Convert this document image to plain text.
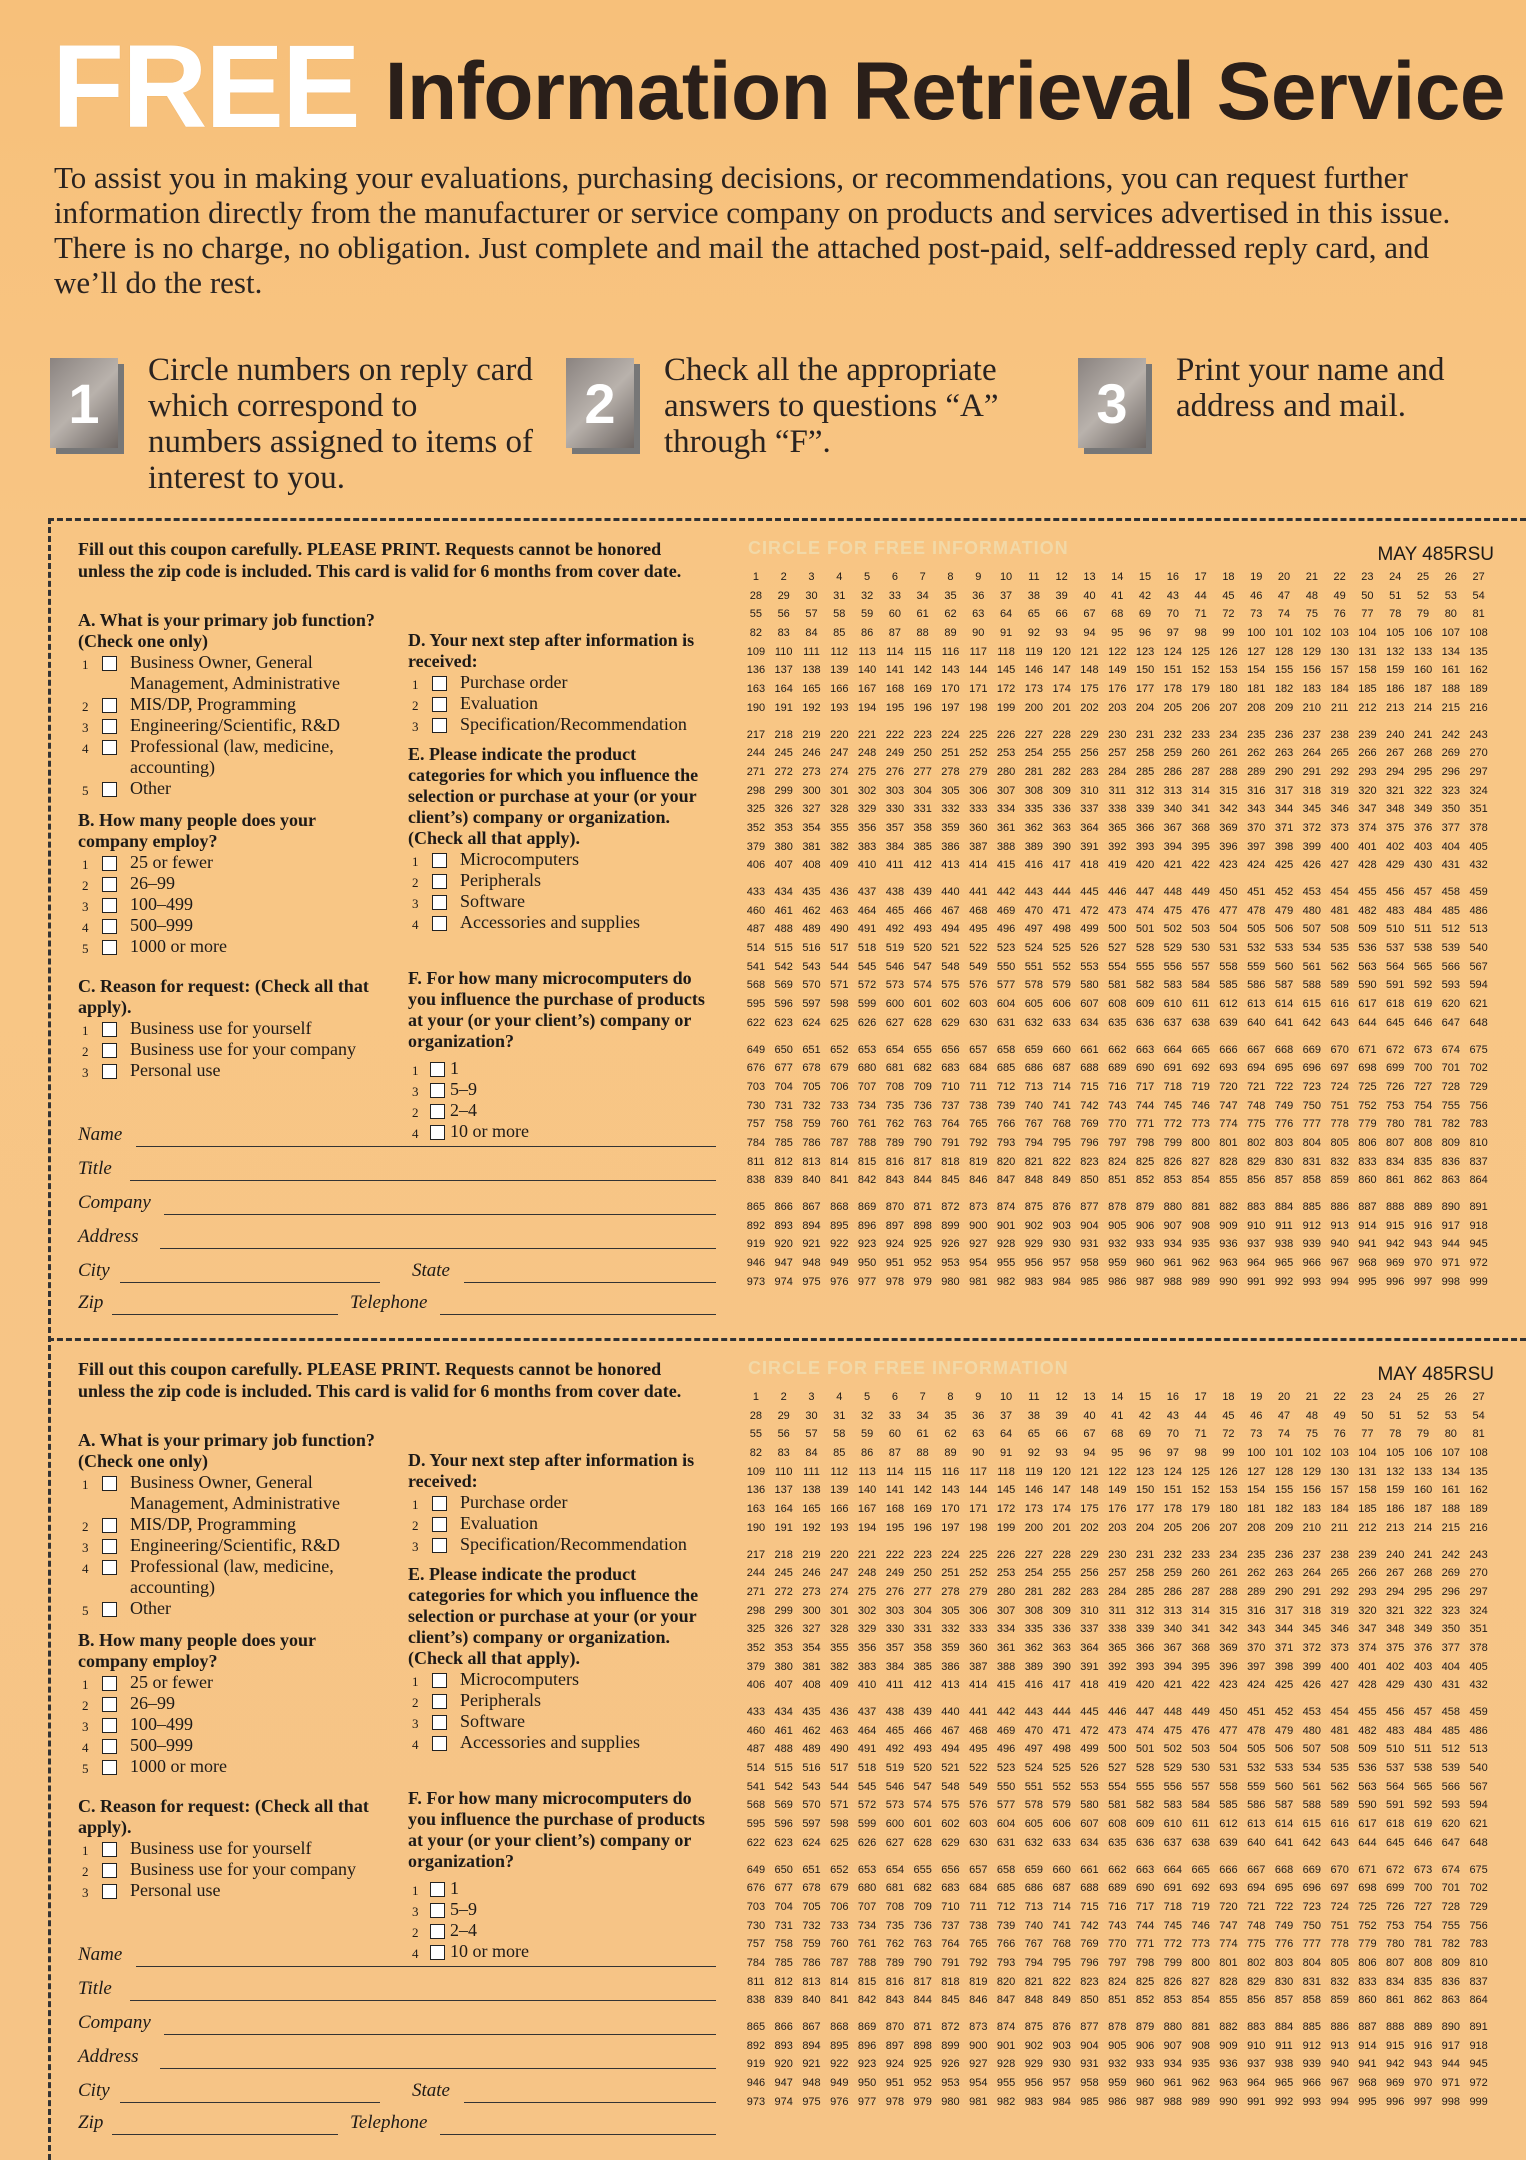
FREE Information Retrieval Service
To assist you in making your evaluations, purchasing decisions, or recommendations, you can request further information directly from the manufacturer or service company on products and services advertised in this issue. There is no charge, no obligation. Just complete and mail the attached post-paid, self-addressed reply card, and we’ll do the rest.
1
Circle numbers on reply card which correspond to numbers assigned to items of interest to you.
2
Check all the appropriate answers to questions “A” through “F”.
3
Print your name and address and mail.
Fill out this coupon carefully. PLEASE PRINT. Requests cannot be honored unless the zip code is included. This card is valid for 6 months from cover date.
A. What is your primary job function? (Check one only)
1	Business Owner, General Management, Administrative
2	MIS/DP, Programming
3	Engineering/Scientific, R&D
4	Professional (law, medicine, accounting)
5	Other
B. How many people does your company employ?
1	25 or fewer
2	26–99
3	100–499
4	500–999
5	1000 or more
C. Reason for request: (Check all that apply).
1	Business use for yourself
2	Business use for your company
3	Personal use
D. Your next step after information is received:
1	Purchase order
2	Evaluation
3	Specification/Recommendation
E. Please indicate the product categories for which you influence the selection or purchase at your (or your client’s) company or organization. (Check all that apply).
1	Microcomputers
2	Peripherals
3	Software
4	Accessories and supplies
F. For how many microcomputers do you influence the purchase of products at your (or your client’s) company or organization?
1 1
3 5–9
2 2–4
4 10 or more
Name
Title
Company
Address
City	State
Zip	Telephone
CIRCLE FOR FREE INFORMATION	MAY 485RSU
1	2	3	4	5	6	7	8	9	10	11	12	13	14	15	16	17	18	19	20	21	22	23	24	25	26	27
28	29	30	31	32	33	34	35	36	37	38	39	40	41	42	43	44	45	46	47	48	49	50	51	52	53	54
55	56	57	58	59	60	61	62	63	64	65	66	67	68	69	70	71	72	73	74	75	76	77	78	79	80	81
82	83	84	85	86	87	88	89	90	91	92	93	94	95	96	97	98	99	100 101 102 103 104 105 106 107 108
109 110 111 112 113 114 115 116 117 118 119 120 121 122 123 124 125 126 127 128 129 130 131 132 133 134 135
136 137 138 139 140 141 142 143 144 145 146 147 148 149 150 151 152 153 154 155 156 157 158 159 160 161 162
163 164 165 166 167 168 169 170 171 172 173 174 175 176 177 178 179 180 181 182 183 184 185 186 187 188 189
190 191 192 193 194 195 196 197 198 199 200 201 202 203 204 205 206 207 208 209 210 211 212 213 214 215 216
217 218 219 220 221 222 223 224 225 226 227 228 229 230 231 232 233 234 235 236 237 238 239 240 241 242 243
244 245 246 247 248 249 250 251 252 253 254 255 256 257 258 259 260 261 262 263 264 265 266 267 268 269 270
271 272 273 274 275 276 277 278 279 280 281 282 283 284 285 286 287 288 289 290 291 292 293 294 295 296 297
298 299 300 301 302 303 304 305 306 307 308 309 310 311 312 313 314 315 316 317 318 319 320 321 322 323 324
325 326 327 328 329 330 331 332 333 334 335 336 337 338 339 340 341 342 343 344 345 346 347 348 349 350 351
352 353 354 355 356 357 358 359 360 361 362 363 364 365 366 367 368 369 370 371 372 373 374 375 376 377 378
379 380 381 382 383 384 385 386 387 388 389 390 391 392 393 394 395 396 397 398 399 400 401 402 403 404 405
406 407 408 409 410 411 412 413 414 415 416 417 418 419 420 421 422 423 424 425 426 427 428 429 430 431 432
433 434 435 436 437 438 439 440 441 442 443 444 445 446 447 448 449 450 451 452 453 454 455 456 457 458 459
460 461 462 463 464 465 466 467 468 469 470 471 472 473 474 475 476 477 478 479 480 481 482 483 484 485 486
487 488 489 490 491 492 493 494 495 496 497 498 499 500 501 502 503 504 505 506 507 508 509 510 511 512 513
514 515 516 517 518 519 520 521 522 523 524 525 526 527 528 529 530 531 532 533 534 535 536 537 538 539 540
541 542 543 544 545 546 547 548 549 550 551 552 553 554 555 556 557 558 559 560 561 562 563 564 565 566 567
568 569 570 571 572 573 574 575 576 577 578 579 580 581 582 583 584 585 586 587 588 589 590 591 592 593 594
595 596 597 598 599 600 601 602 603 604 605 606 607 608 609 610 611 612 613 614 615 616 617 618 619 620 621
622 623 624 625 626 627 628 629 630 631 632 633 634 635 636 637 638 639 640 641 642 643 644 645 646 647 648
649 650 651 652 653 654 655 656 657 658 659 660 661 662 663 664 665 666 667 668 669 670 671 672 673 674 675
676 677 678 679 680 681 682 683 684 685 686 687 688 689 690 691 692 693 694 695 696 697 698 699 700 701 702
703 704 705 706 707 708 709 710 711 712 713 714 715 716 717 718 719 720 721 722 723 724 725 726 727 728 729
730 731 732 733 734 735 736 737 738 739 740 741 742 743 744 745 746 747 748 749 750 751 752 753 754 755 756
757 758 759 760 761 762 763 764 765 766 767 768 769 770 771 772 773 774 775 776 777 778 779 780 781 782 783
784 785 786 787 788 789 790 791 792 793 794 795 796 797 798 799 800 801 802 803 804 805 806 807 808 809 810
811 812 813 814 815 816 817 818 819 820 821 822 823 824 825 826 827 828 829 830 831 832 833 834 835 836 837
838 839 840 841 842 843 844 845 846 847 848 849 850 851 852 853 854 855 856 857 858 859 860 861 862 863 864
865 866 867 868 869 870 871 872 873 874 875 876 877 878 879 880 881 882 883 884 885 886 887 888 889 890 891
892 893 894 895 896 897 898 899 900 901 902 903 904 905 906 907 908 909 910 911 912 913 914 915 916 917 918
919 920 921 922 923 924 925 926 927 928 929 930 931 932 933 934 935 936 937 938 939 940 941 942 943 944 945
946 947 948 949 950 951 952 953 954 955 956 957 958 959 960 961 962 963 964 965 966 967 968 969 970 971 972
973 974 975 976 977 978 979 980 981 982 983 984 985 986 987 988 989 990 991 992 993 994 995 996 997 998 999
Fill out this coupon carefully. PLEASE PRINT. Requests cannot be honored unless the zip code is included. This card is valid for 6 months from cover date.
A. What is your primary job function? (Check one only)
1	Business Owner, General Management, Administrative
2	MIS/DP, Programming
3	Engineering/Scientific, R&D
4	Professional (law, medicine, accounting)
5	Other
B. How many people does your company employ?
1	25 or fewer
2	26–99
3	100–499
4	500–999
5	1000 or more
C. Reason for request: (Check all that apply).
1	Business use for yourself
2	Business use for your company
3	Personal use
D. Your next step after information is received:
1	Purchase order
2	Evaluation
3	Specification/Recommendation
E. Please indicate the product categories for which you influence the selection or purchase at your (or your client’s) company or organization. (Check all that apply).
1	Microcomputers
2	Peripherals
3	Software
4	Accessories and supplies
F. For how many microcomputers do you influence the purchase of products at your (or your client’s) company or organization?
1 1
3 5–9
2 2–4
4 10 or more
Name
Title
Company
Address
City	State
Zip	Telephone
CIRCLE FOR FREE INFORMATION	MAY 485RSU
1	2	3	4	5	6	7	8	9	10	11	12	13	14	15	16	17	18	19	20	21	22	23	24	25	26	27
28	29	30	31	32	33	34	35	36	37	38	39	40	41	42	43	44	45	46	47	48	49	50	51	52	53	54
55	56	57	58	59	60	61	62	63	64	65	66	67	68	69	70	71	72	73	74	75	76	77	78	79	80	81
82	83	84	85	86	87	88	89	90	91	92	93	94	95	96	97	98	99	100 101 102 103 104 105 106 107 108
109 110 111 112 113 114 115 116 117 118 119 120 121 122 123 124 125 126 127 128 129 130 131 132 133 134 135
136 137 138 139 140 141 142 143 144 145 146 147 148 149 150 151 152 153 154 155 156 157 158 159 160 161 162
163 164 165 166 167 168 169 170 171 172 173 174 175 176 177 178 179 180 181 182 183 184 185 186 187 188 189
190 191 192 193 194 195 196 197 198 199 200 201 202 203 204 205 206 207 208 209 210 211 212 213 214 215 216
217 218 219 220 221 222 223 224 225 226 227 228 229 230 231 232 233 234 235 236 237 238 239 240 241 242 243
244 245 246 247 248 249 250 251 252 253 254 255 256 257 258 259 260 261 262 263 264 265 266 267 268 269 270
271 272 273 274 275 276 277 278 279 280 281 282 283 284 285 286 287 288 289 290 291 292 293 294 295 296 297
298 299 300 301 302 303 304 305 306 307 308 309 310 311 312 313 314 315 316 317 318 319 320 321 322 323 324
325 326 327 328 329 330 331 332 333 334 335 336 337 338 339 340 341 342 343 344 345 346 347 348 349 350 351
352 353 354 355 356 357 358 359 360 361 362 363 364 365 366 367 368 369 370 371 372 373 374 375 376 377 378
379 380 381 382 383 384 385 386 387 388 389 390 391 392 393 394 395 396 397 398 399 400 401 402 403 404 405
406 407 408 409 410 411 412 413 414 415 416 417 418 419 420 421 422 423 424 425 426 427 428 429 430 431 432
433 434 435 436 437 438 439 440 441 442 443 444 445 446 447 448 449 450 451 452 453 454 455 456 457 458 459
460 461 462 463 464 465 466 467 468 469 470 471 472 473 474 475 476 477 478 479 480 481 482 483 484 485 486
487 488 489 490 491 492 493 494 495 496 497 498 499 500 501 502 503 504 505 506 507 508 509 510 511 512 513
514 515 516 517 518 519 520 521 522 523 524 525 526 527 528 529 530 531 532 533 534 535 536 537 538 539 540
541 542 543 544 545 546 547 548 549 550 551 552 553 554 555 556 557 558 559 560 561 562 563 564 565 566 567
568 569 570 571 572 573 574 575 576 577 578 579 580 581 582 583 584 585 586 587 588 589 590 591 592 593 594
595 596 597 598 599 600 601 602 603 604 605 606 607 608 609 610 611 612 613 614 615 616 617 618 619 620 621
622 623 624 625 626 627 628 629 630 631 632 633 634 635 636 637 638 639 640 641 642 643 644 645 646 647 648
649 650 651 652 653 654 655 656 657 658 659 660 661 662 663 664 665 666 667 668 669 670 671 672 673 674 675
676 677 678 679 680 681 682 683 684 685 686 687 688 689 690 691 692 693 694 695 696 697 698 699 700 701 702
703 704 705 706 707 708 709 710 711 712 713 714 715 716 717 718 719 720 721 722 723 724 725 726 727 728 729
730 731 732 733 734 735 736 737 738 739 740 741 742 743 744 745 746 747 748 749 750 751 752 753 754 755 756
757 758 759 760 761 762 763 764 765 766 767 768 769 770 771 772 773 774 775 776 777 778 779 780 781 782 783
784 785 786 787 788 789 790 791 792 793 794 795 796 797 798 799 800 801 802 803 804 805 806 807 808 809 810
811 812 813 814 815 816 817 818 819 820 821 822 823 824 825 826 827 828 829 830 831 832 833 834 835 836 837
838 839 840 841 842 843 844 845 846 847 848 849 850 851 852 853 854 855 856 857 858 859 860 861 862 863 864
865 866 867 868 869 870 871 872 873 874 875 876 877 878 879 880 881 882 883 884 885 886 887 888 889 890 891
892 893 894 895 896 897 898 899 900 901 902 903 904 905 906 907 908 909 910 911 912 913 914 915 916 917 918
919 920 921 922 923 924 925 926 927 928 929 930 931 932 933 934 935 936 937 938 939 940 941 942 943 944 945
946 947 948 949 950 951 952 953 954 955 956 957 958 959 960 961 962 963 964 965 966 967 968 969 970 971 972
973 974 975 976 977 978 979 980 981 982 983 984 985 986 987 988 989 990 991 992 993 994 995 996 997 998 999
